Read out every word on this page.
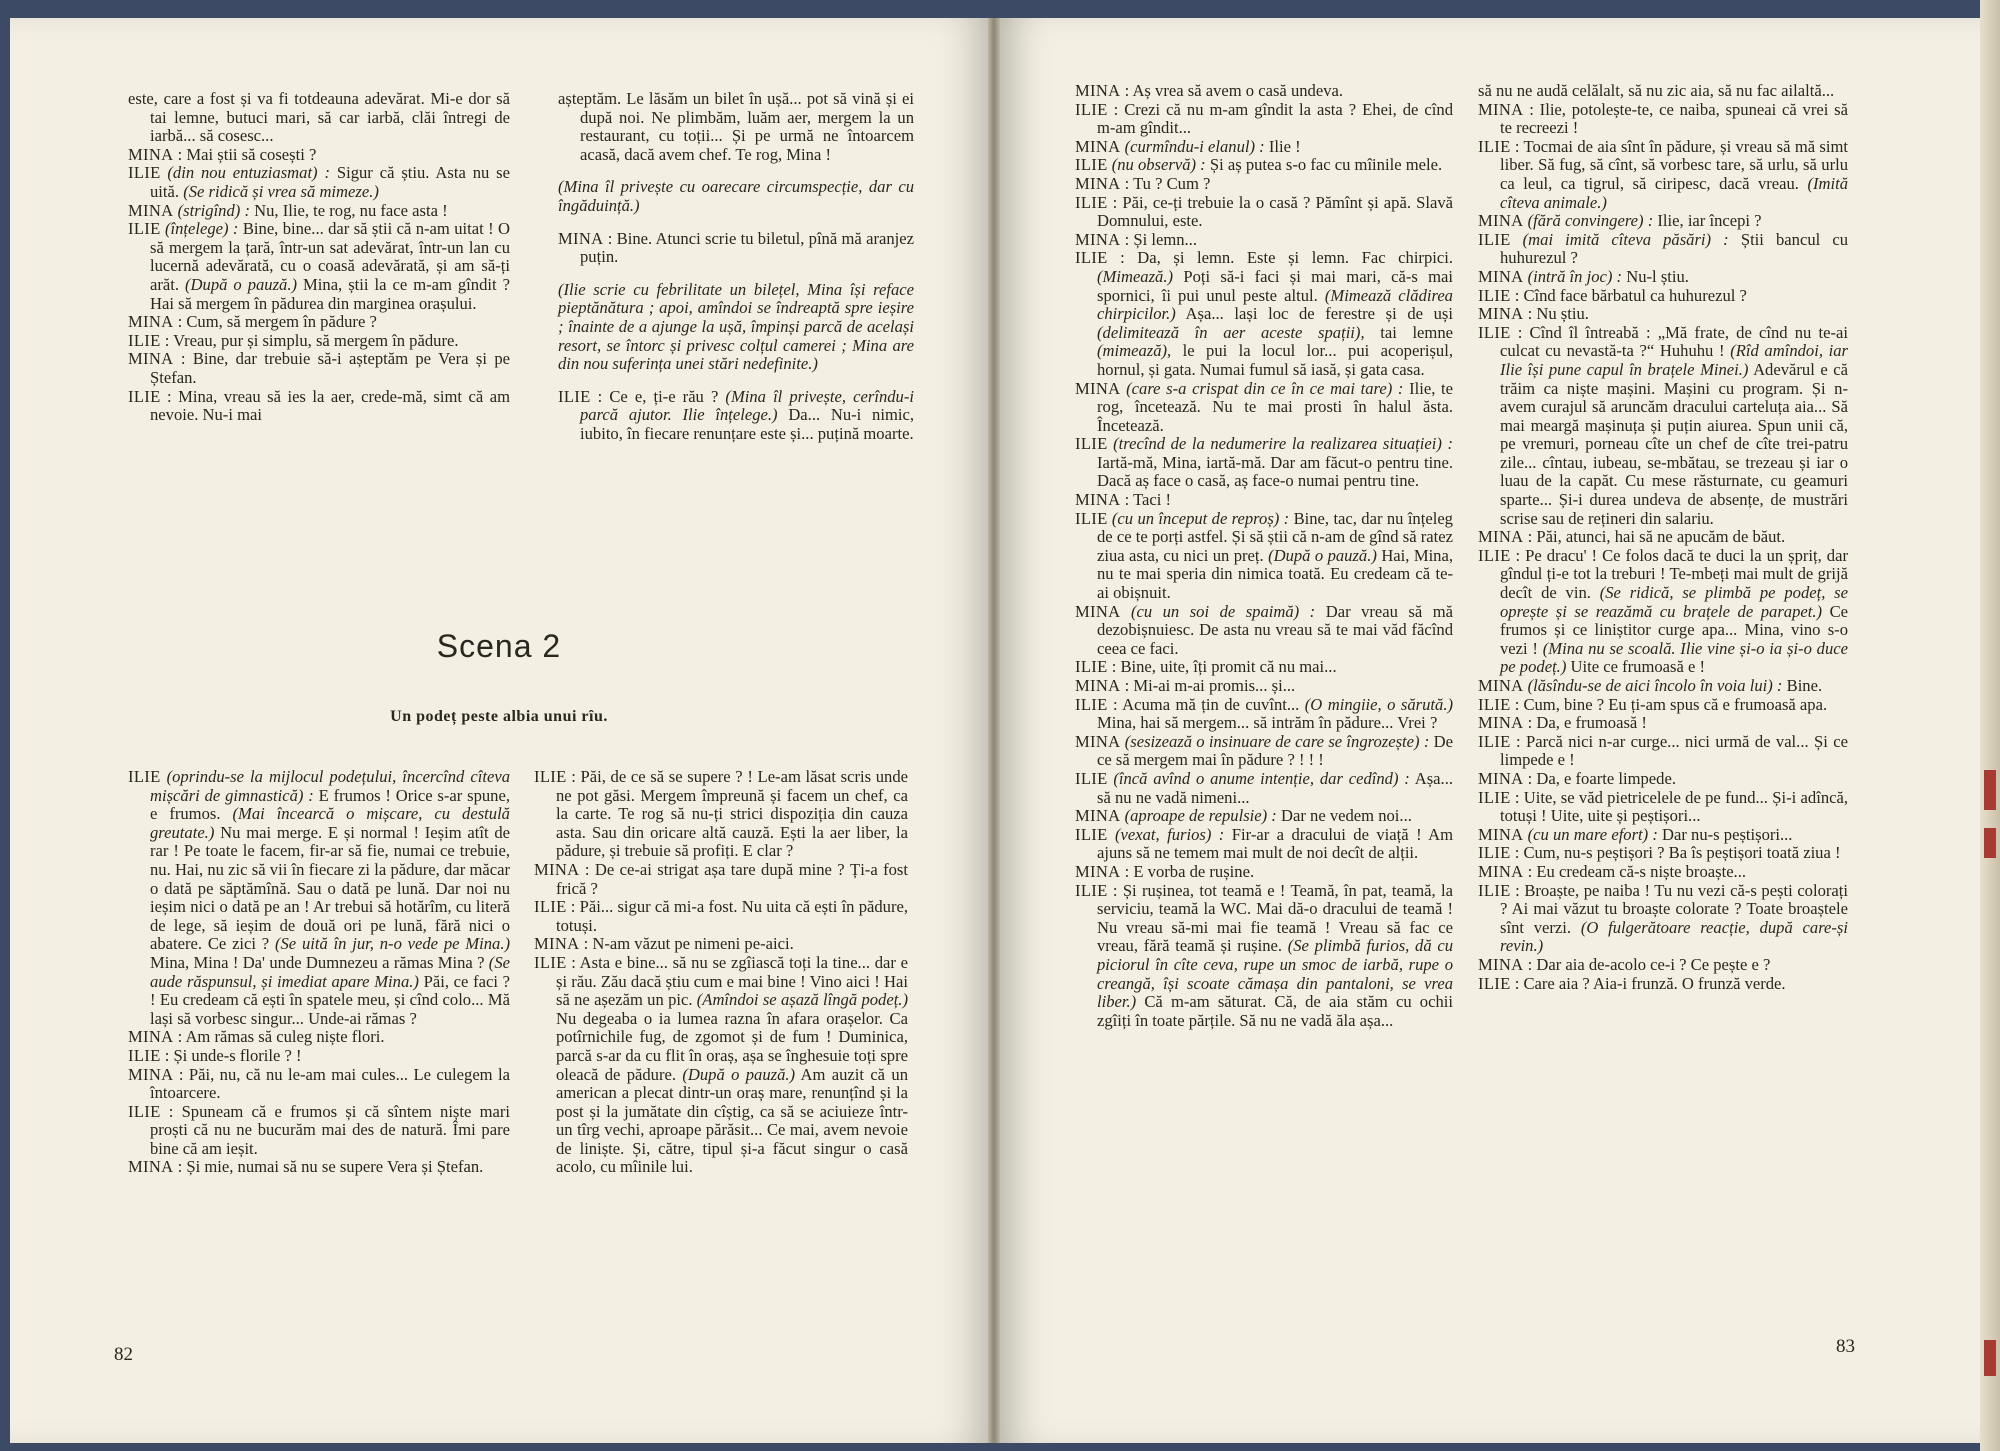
este, care a fost și va fi totdeauna adevărat. Mi-e dor să tai lemne, butuci mari, să car iarbă, clăi întregi de iarbă... să cosesc...

MINA : Mai știi să cosești ?

ILIE (din nou entuziasmat) : Sigur că știu. Asta nu se uită. (Se ridică și vrea să mimeze.)

MINA (strigînd) : Nu, Ilie, te rog, nu face asta !

ILIE (înțelege) : Bine, bine... dar să știi că n-am uitat ! O să mergem la țară, într-un sat adevărat, într-un lan cu lucernă adevărată, cu o coasă adevărată, și am să-ți arăt. (După o pauză.) Mina, știi la ce m-am gîndit ? Hai să mergem în pădurea din marginea orașului.

MINA : Cum, să mergem în pădure ?

ILIE : Vreau, pur și simplu, să mergem în pădure.

MINA : Bine, dar trebuie să-i așteptăm pe Vera și pe Ștefan.

ILIE : Mina, vreau să ies la aer, crede-mă, simt că am nevoie. Nu-i mai

așteptăm. Le lăsăm un bilet în ușă... pot să vină și ei după noi. Ne plimbăm, luăm aer, mergem la un restaurant, cu toții... Și pe urmă ne întoarcem acasă, dacă avem chef. Te rog, Mina !

(Mina îl privește cu oarecare circumspecție, dar cu îngăduință.)

MINA : Bine. Atunci scrie tu biletul, pînă mă aranjez puțin.

(Ilie scrie cu febrilitate un bilețel, Mina își reface pieptănătura ; apoi, amîndoi se îndreaptă spre ieșire ; înainte de a ajunge la ușă, împinși parcă de același resort, se întorc și privesc colțul camerei ; Mina are din nou suferința unei stări nedefinite.)

ILIE : Ce e, ți-e rău ? (Mina îl privește, cerîndu-i parcă ajutor. Ilie înțelege.) Da... Nu-i nimic, iubito, în fiecare renunțare este și... puțină moarte.

Scena 2
Un podeț peste albia unui rîu.

ILIE (oprindu-se la mijlocul podețului, încercînd cîteva mișcări de gimnastică) : E frumos ! Orice s-ar spune, e frumos. (Mai încearcă o mișcare, cu destulă greutate.) Nu mai merge. E și normal ! Ieșim atît de rar ! Pe toate le facem, fir-ar să fie, numai ce trebuie, nu. Hai, nu zic să vii în fiecare zi la pădure, dar măcar o dată pe săptămînă. Sau o dată pe lună. Dar noi nu ieșim nici o dată pe an ! Ar trebui să hotărîm, cu literă de lege, să ieșim de două ori pe lună, fără nici o abatere. Ce zici ? (Se uită în jur, n-o vede pe Mina.) Mina, Mina ! Da' unde Dumnezeu a rămas Mina ? (Se aude răspunsul, și imediat apare Mina.) Păi, ce faci ? ! Eu credeam că ești în spatele meu, și cînd colo... Mă lași să vorbesc singur... Unde-ai rămas ?

MINA : Am rămas să culeg niște flori.

ILIE : Și unde-s florile ? !

MINA : Păi, nu, că nu le-am mai cules... Le culegem la întoarcere.

ILIE : Spuneam că e frumos și că sîntem niște mari proști că nu ne bucurăm mai des de natură. Îmi pare bine că am ieșit.

MINA : Și mie, numai să nu se supere Vera și Ștefan.

ILIE : Păi, de ce să se supere ? ! Le-am lăsat scris unde ne pot găsi. Mergem împreună și facem un chef, ca la carte. Te rog să nu-ți strici dispoziția din cauza asta. Sau din oricare altă cauză. Ești la aer liber, la pădure, și trebuie să profiți. E clar ?

MINA : De ce-ai strigat așa tare după mine ? Ți-a fost frică ?

ILIE : Păi... sigur că mi-a fost. Nu uita că ești în pădure, totuși.

MINA : N-am văzut pe nimeni pe-aici.

ILIE : Asta e bine... să nu se zgîiască toți la tine... dar e și rău. Zău dacă știu cum e mai bine ! Vino aici ! Hai să ne așezăm un pic. (Amîndoi se așază lîngă podeț.) Nu degeaba o ia lumea razna în afara orașelor. Ca potîrnichile fug, de zgomot și de fum ! Duminica, parcă s-ar da cu flit în oraș, așa se înghesuie toți spre oleacă de pădure. (După o pauză.) Am auzit că un american a plecat dintr-un oraș mare, renunțînd și la post și la jumătate din cîștig, ca să se aciuieze într-un tîrg vechi, aproape părăsit... Ce mai, avem nevoie de liniște. Și, către, tipul și-a făcut singur o casă acolo, cu mîinile lui.

82

MINA : Aș vrea să avem o casă undeva.

ILIE : Crezi că nu m-am gîndit la asta ? Ehei, de cînd m-am gîndit...

MINA (curmîndu-i elanul) : Ilie !

ILIE (nu observă) : Și aș putea s-o fac cu mîinile mele.

MINA : Tu ? Cum ?

ILIE : Păi, ce-ți trebuie la o casă ? Pămînt și apă. Slavă Domnului, este.

MINA : Și lemn...

ILIE : Da, și lemn. Este și lemn. Fac chirpici. (Mimează.) Poți să-i faci și mai mari, că-s mai spornici, îi pui unul peste altul. (Mimează clădirea chirpicilor.) Așa... lași loc de ferestre și de uși (delimitează în aer aceste spații), tai lemne (mimează), le pui la locul lor... pui acoperișul, hornul, și gata. Numai fumul să iasă, și gata casa.

MINA (care s-a crispat din ce în ce mai tare) : Ilie, te rog, încetează. Nu te mai prosti în halul ăsta. Încetează.

ILIE (trecînd de la nedumerire la realizarea situației) : Iartă-mă, Mina, iartă-mă. Dar am făcut-o pentru tine. Dacă aș face o casă, aș face-o numai pentru tine.

MINA : Taci !

ILIE (cu un început de reproș) : Bine, tac, dar nu înțeleg de ce te porți astfel. Și să știi că n-am de gînd să ratez ziua asta, cu nici un preț. (După o pauză.) Hai, Mina, nu te mai speria din nimica toată. Eu credeam că te-ai obișnuit.

MINA (cu un soi de spaimă) : Dar vreau să mă dezobișnuiesc. De asta nu vreau să te mai văd făcînd ceea ce faci.

ILIE : Bine, uite, îți promit că nu mai...

MINA : Mi-ai m-ai promis... și...

ILIE : Acuma mă țin de cuvînt... (O mingiie, o sărută.) Mina, hai să mergem... să intrăm în pădure... Vrei ?

MINA (sesizează o insinuare de care se îngrozește) : De ce să mergem mai în pădure ? ! ! !

ILIE (încă avînd o anume intenție, dar cedînd) : Așa... să nu ne vadă nimeni...

MINA (aproape de repulsie) : Dar ne vedem noi...

ILIE (vexat, furios) : Fir-ar a dracului de viață ! Am ajuns să ne temem mai mult de noi decît de alții.

MINA : E vorba de rușine.

ILIE : Și rușinea, tot teamă e ! Teamă, în pat, teamă, la serviciu, teamă la WC. Mai dă-o dracului de teamă ! Nu vreau să-mi mai fie teamă ! Vreau să fac ce vreau, fără teamă și rușine. (Se plimbă furios, dă cu piciorul în cîte ceva, rupe un smoc de iarbă, rupe o creangă, își scoate cămașa din pantaloni, se vrea liber.) Că m-am săturat. Că, de aia stăm cu ochii zgîiți în toate părțile. Să nu ne vadă ăla așa...

să nu ne audă celălalt, să nu zic aia, să nu fac ailaltă...

MINA : Ilie, potolește-te, ce naiba, spuneai că vrei să te recreezi !

ILIE : Tocmai de aia sînt în pădure, și vreau să mă simt liber. Să fug, să cînt, să vorbesc tare, să urlu, să urlu ca leul, ca tigrul, să ciripesc, dacă vreau. (Imită cîteva animale.)

MINA (fără convingere) : Ilie, iar începi ?

ILIE (mai imită cîteva păsări) : Știi bancul cu huhurezul ?

MINA (intră în joc) : Nu-l știu.

ILIE : Cînd face bărbatul ca huhurezul ?

MINA : Nu știu.

ILIE : Cînd îl întreabă : „Mă frate, de cînd nu te-ai culcat cu nevastă-ta ?“ Huhuhu ! (Rîd amîndoi, iar Ilie își pune capul în brațele Minei.) Adevărul e că trăim ca niște mașini. Mașini cu program. Și n-avem curajul să aruncăm dracului carteluța aia... Să mai meargă mașinuța și puțin aiurea. Spun unii că, pe vremuri, porneau cîte un chef de cîte trei-patru zile... cîntau, iubeau, se-mbătau, se trezeau și iar o luau de la capăt. Cu mese răsturnate, cu geamuri sparte... Și-i durea undeva de absențe, de mustrări scrise sau de rețineri din salariu.

MINA : Păi, atunci, hai să ne apucăm de băut.

ILIE : Pe dracu' ! Ce folos dacă te duci la un șpriț, dar gîndul ți-e tot la treburi ! Te-mbeți mai mult de grijă decît de vin. (Se ridică, se plimbă pe podeț, se oprește și se reazămă cu brațele de parapet.) Ce frumos și ce liniștitor curge apa... Mina, vino s-o vezi ! (Mina nu se scoală. Ilie vine și-o ia și-o duce pe podeț.) Uite ce frumoasă e !

MINA (lăsîndu-se de aici încolo în voia lui) : Bine.

ILIE : Cum, bine ? Eu ți-am spus că e frumoasă apa.

MINA : Da, e frumoasă !

ILIE : Parcă nici n-ar curge... nici urmă de val... Și ce limpede e !

MINA : Da, e foarte limpede.

ILIE : Uite, se văd pietricelele de pe fund... Și-i adîncă, totuși ! Uite, uite și peștișori...

MINA (cu un mare efort) : Dar nu-s peștișori...

ILIE : Cum, nu-s peștișori ? Ba îs peștișori toată ziua !

MINA : Eu credeam că-s niște broaște...

ILIE : Broaște, pe naiba ! Tu nu vezi că-s pești colorați ? Ai mai văzut tu broaște colorate ? Toate broaștele sînt verzi. (O fulgerătoare reacție, după care-și revin.)

MINA : Dar aia de-acolo ce-i ? Ce pește e ?

ILIE : Care aia ? Aia-i frunză. O frunză verde.

83
